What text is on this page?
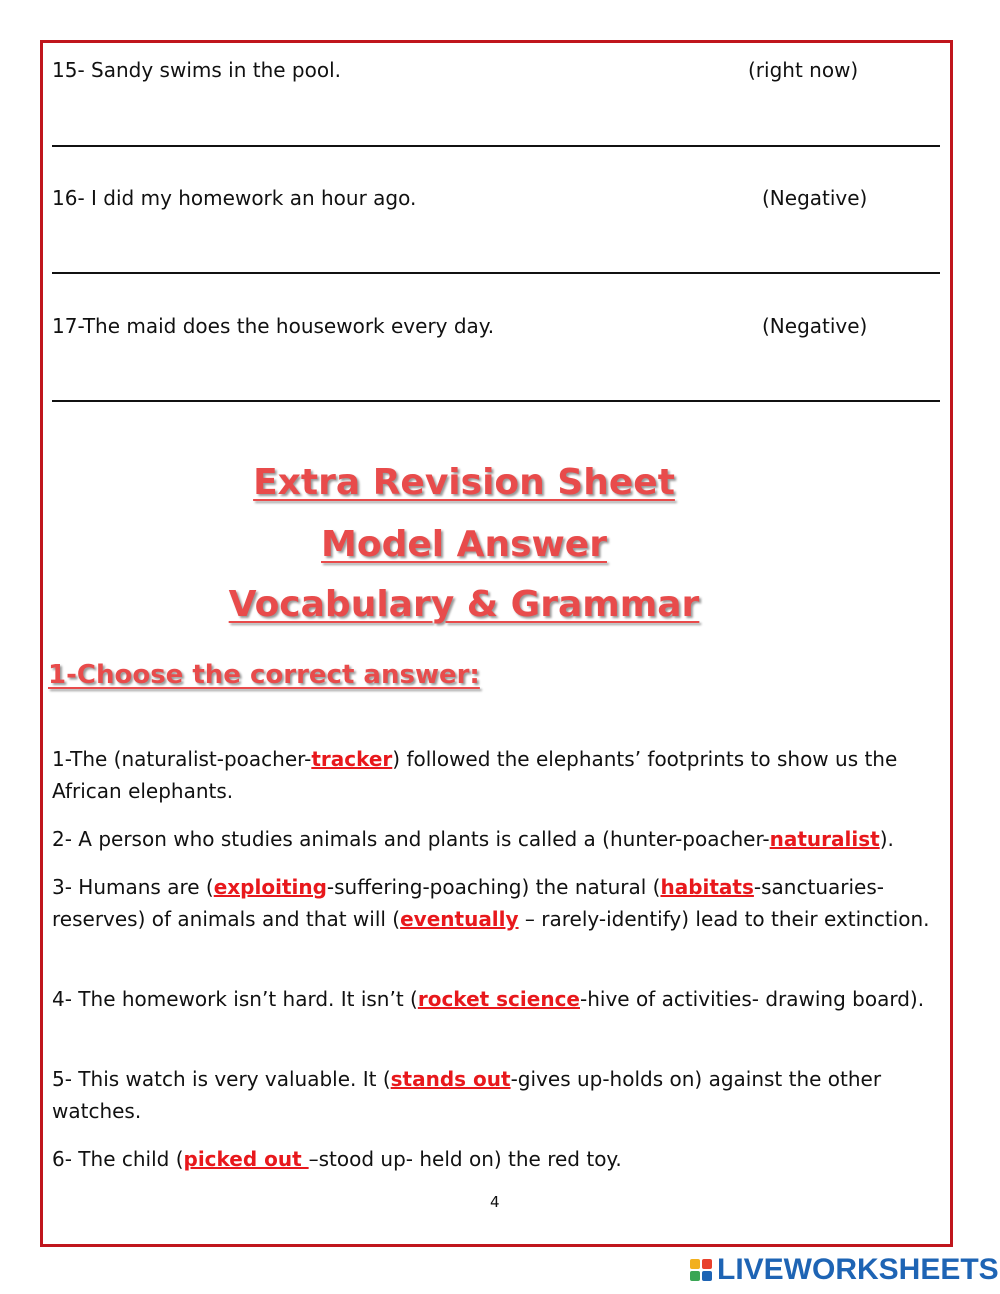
15- Sandy swims in the pool.	(right now)
16- I did my homework an hour ago.	(Negative)
17-The maid does the housework every day.	(Negative)
Extra Revision Sheet
Model Answer
Vocabulary & Grammar
1-Choose the correct answer:
1-The (naturalist-poacher-tracker) followed the elephants’ footprints to show us the African elephants.
2- A person who studies animals and plants is called a (hunter-poacher-naturalist).
3- Humans are (exploiting-suffering-poaching) the natural (habitats-sanctuaries-reserves) of animals and that will (eventually – rarely-identify) lead to their extinction.
4- The homework isn’t hard. It isn’t (rocket science-hive of activities- drawing board).
5- This watch is very valuable. It (stands out-gives up-holds on) against the other watches.
6- The child (picked out –stood up- held on) the red toy.
4
LIVEWORKSHEETS
